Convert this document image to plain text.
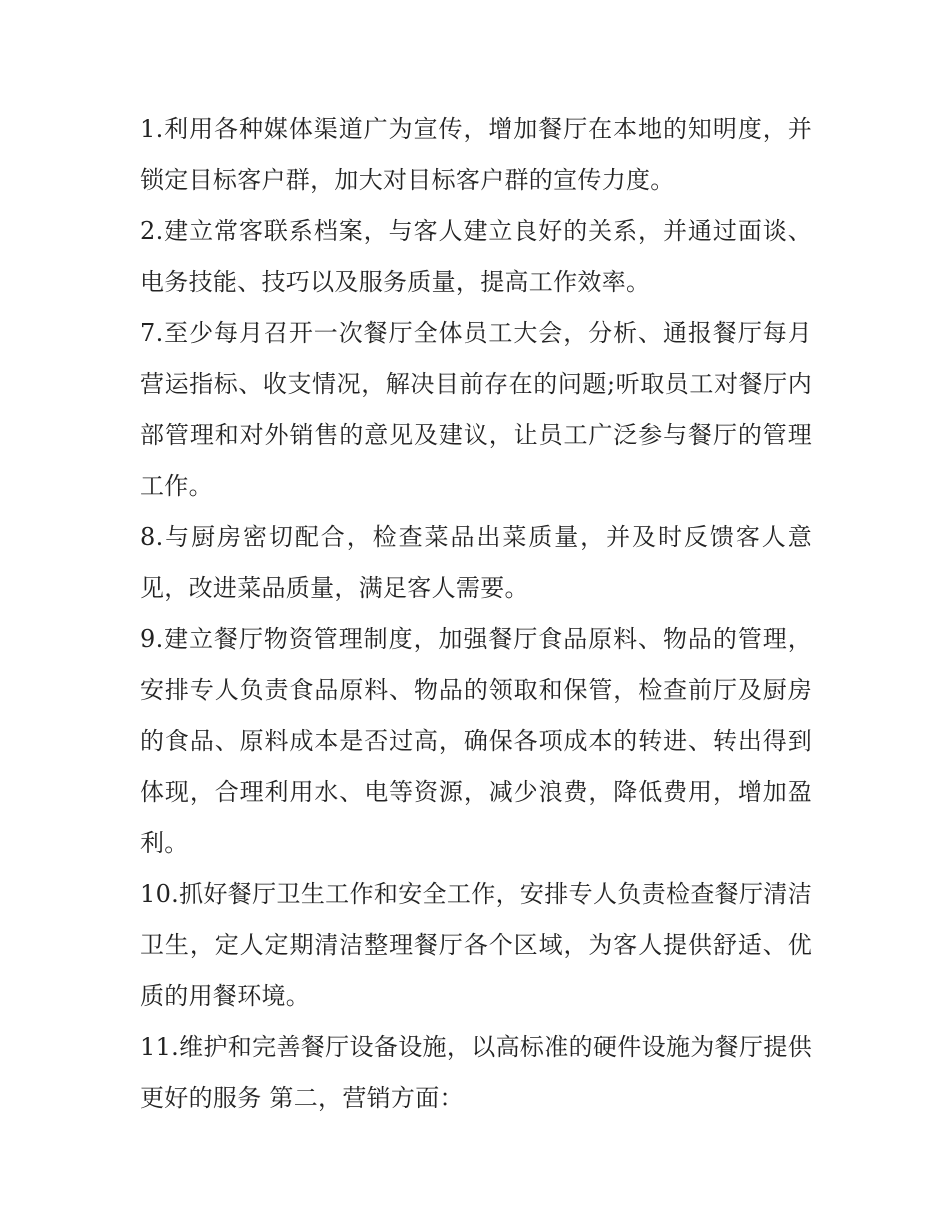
1.利用各种媒体渠道广为宣传，增加餐厅在本地的知明度，并锁定目标客户群，加大对目标客户群的宣传力度。

2.建立常客联系档案，与客人建立良好的关系，并通过面谈、电务技能、技巧以及服务质量，提高工作效率。

7.至少每月召开一次餐厅全体员工大会，分析、通报餐厅每月营运指标、收支情况，解决目前存在的问题;听取员工对餐厅内部管理和对外销售的意见及建议，让员工广泛参与餐厅的管理工作。

8.与厨房密切配合，检查菜品出菜质量，并及时反馈客人意见，改进菜品质量，满足客人需要。

9.建立餐厅物资管理制度，加强餐厅食品原料、物品的管理，安排专人负责食品原料、物品的领取和保管，检查前厅及厨房的食品、原料成本是否过高，确保各项成本的转进、转出得到体现，合理利用水、电等资源，减少浪费，降低费用，增加盈利。

10.抓好餐厅卫生工作和安全工作，安排专人负责检查餐厅清洁卫生，定人定期清洁整理餐厅各个区域，为客人提供舒适、优质的用餐环境。

11.维护和完善餐厅设备设施，以高标准的硬件设施为餐厅提供更好的服务 第二，营销方面：
